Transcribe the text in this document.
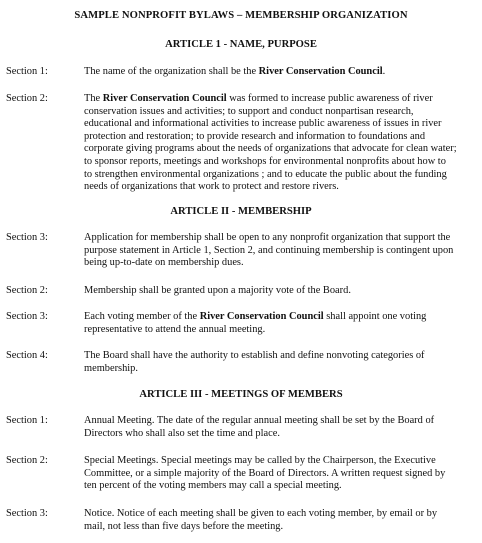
SAMPLE NONPROFIT BYLAWS – MEMBERSHIP ORGANIZATION
ARTICLE 1 - NAME, PURPOSE
Section 1:	The name of the organization shall be the River Conservation Council.

Section 2:	The River Conservation Council was formed to increase public awareness of river

conservation issues and activities; to support and conduct nonpartisan research,

educational and informational activities to increase public awareness of issues in river

protection and restoration; to provide research and information to foundations and

corporate giving programs about the needs of organizations that advocate for clean water;

to sponsor reports, meetings and workshops for environmental nonprofits about how to

to strengthen environmental organizations ; and to educate the public about the funding

needs of organizations that work to protect and restore rivers.

ARTICLE II - MEMBERSHIP
Section 3:	Application for membership shall be open to any nonprofit organization that support the

purpose statement in Article 1, Section 2, and continuing membership is contingent upon

being up-to-date on membership dues.

Section 2:	Membership shall be granted upon a majority vote of the Board.

Section 3:	Each voting member of the River Conservation Council shall appoint one voting

representative to attend the annual meeting.

Section 4:	The Board shall have the authority to establish and define nonvoting categories of

membership.

ARTICLE III - MEETINGS OF MEMBERS
Section 1:	Annual Meeting. The date of the regular annual meeting shall be set by the Board of

Directors who shall also set the time and place.

Section 2:	Special Meetings. Special meetings may be called by the Chairperson, the Executive

Committee, or a simple majority of the Board of Directors. A written request signed by

ten percent of the voting members may call a special meeting.

Section 3:	Notice. Notice of each meeting shall be given to each voting member, by email or by

mail, not less than five days before the meeting.
